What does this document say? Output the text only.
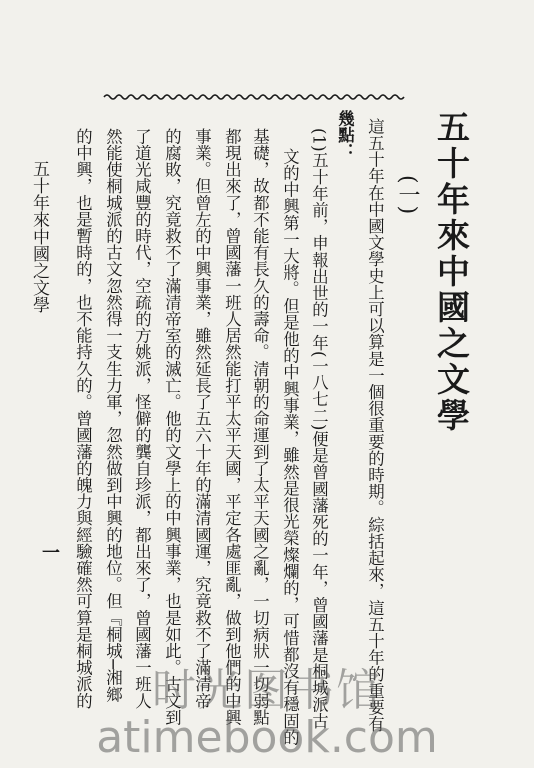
五十年來中國之文學
(一)
這五十年在中國文學史上可以算是一個很重要的時期。綜括起來，這五十年的重要有
幾點：
(1)五十年前，申報出世的一年(一八七二)便是曾國藩死的一年，曾國藩是桐城派古
文的中興第一大將。但是他的中興事業，雖然是很光榮燦爛的，可惜都沒有穩固的
基礎，故都不能有長久的壽命。清朝的命運到了太平天國之亂，一切病狀一切弱點
都現出來了，曾國藩一班人居然能打平太平天國，平定各處匪亂，做到他們的中興
事業。但曾左的中興事業，雖然延長了五六十年的滿清國運，究竟救不了滿清帝
的腐敗，究竟救不了滿清帝室的滅亡。他的文學上的中興事業，也是如此。古文到
了道光咸豐的時代，空疏的方姚派，怪僻的龔自珍派，都出來了，曾國藩一班人
然能使桐城派的古文忽然得一支生力軍，忽然做到中興的地位。但『桐城─湘鄉
的中興，也是暫時的，也不能持久的。曾國藩的魄力與經驗確然可算是桐城派的
五十年來中國之文學
一
时光图书馆
atimebook.com
